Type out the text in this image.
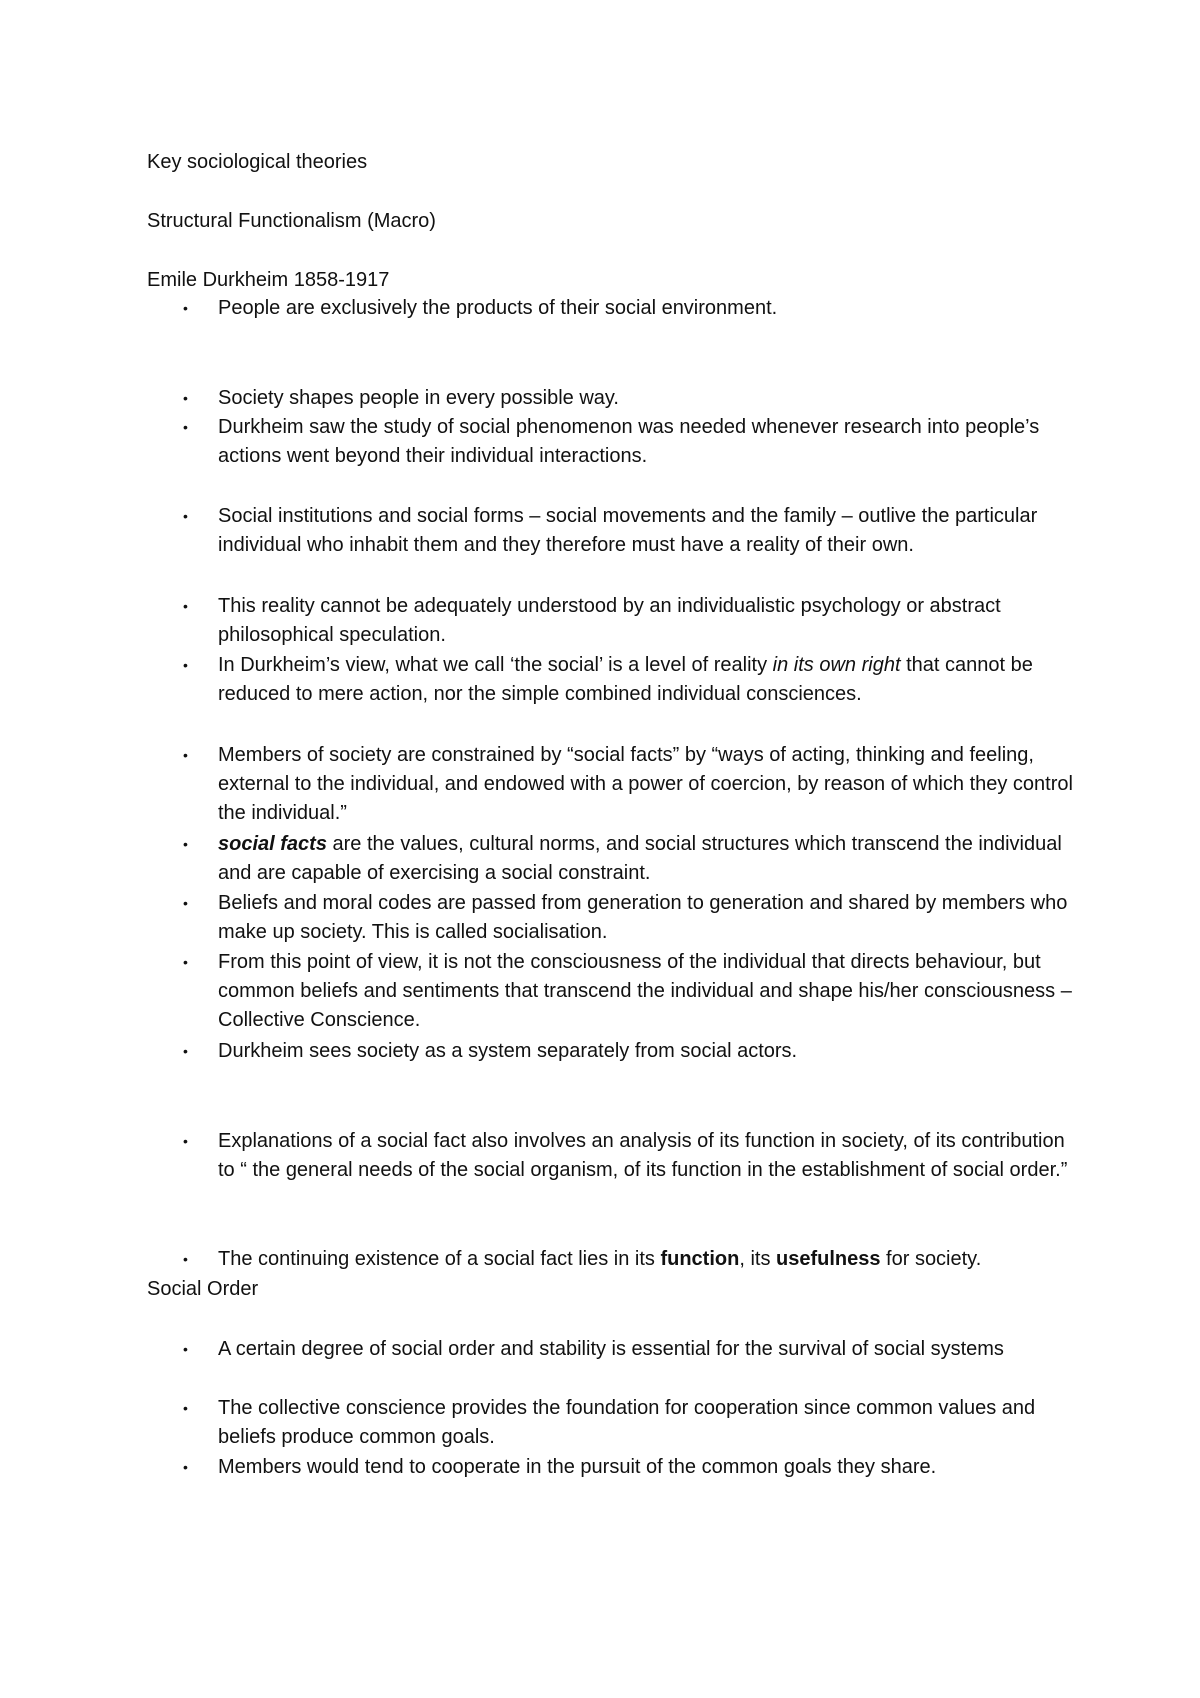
Key sociological theories
Structural Functionalism (Macro)
Emile Durkheim 1858-1917
• People are exclusively the products of their social environment.
• Society shapes people in every possible way.
• Durkheim saw the study of social phenomenon was needed whenever research into people’s actions went beyond their individual interactions.
• Social institutions and social forms – social movements and the family – outlive the particular individual who inhabit them and they therefore must have a reality of their own.
• This reality cannot be adequately understood by an individualistic psychology or abstract philosophical speculation.
• In Durkheim’s view, what we call ‘the social’ is a level of reality in its own right that cannot be reduced to mere action, nor the simple combined individual consciences.
• Members of society are constrained by “social facts” by “ways of acting, thinking and feeling, external to the individual, and endowed with a power of coercion, by reason of which they control the individual.”
• social facts are the values, cultural norms, and social structures which transcend the individual and are capable of exercising a social constraint.
• Beliefs and moral codes are passed from generation to generation and shared by members who make up society. This is called socialisation.
• From this point of view, it is not the consciousness of the individual that directs behaviour, but common beliefs and sentiments that transcend the individual and shape his/her consciousness – Collective Conscience.
• Durkheim sees society as a system separately from social actors.
• Explanations of a social fact also involves an analysis of its function in society, of its contribution to “ the general needs of the social organism, of its function in the establishment of social order.”
• The continuing existence of a social fact lies in its function, its usefulness for society.
Social Order
• A certain degree of social order and stability is essential for the survival of social systems
• The collective conscience provides the foundation for cooperation since common values and beliefs produce common goals.
• Members would tend to cooperate in the pursuit of the common goals they share.
